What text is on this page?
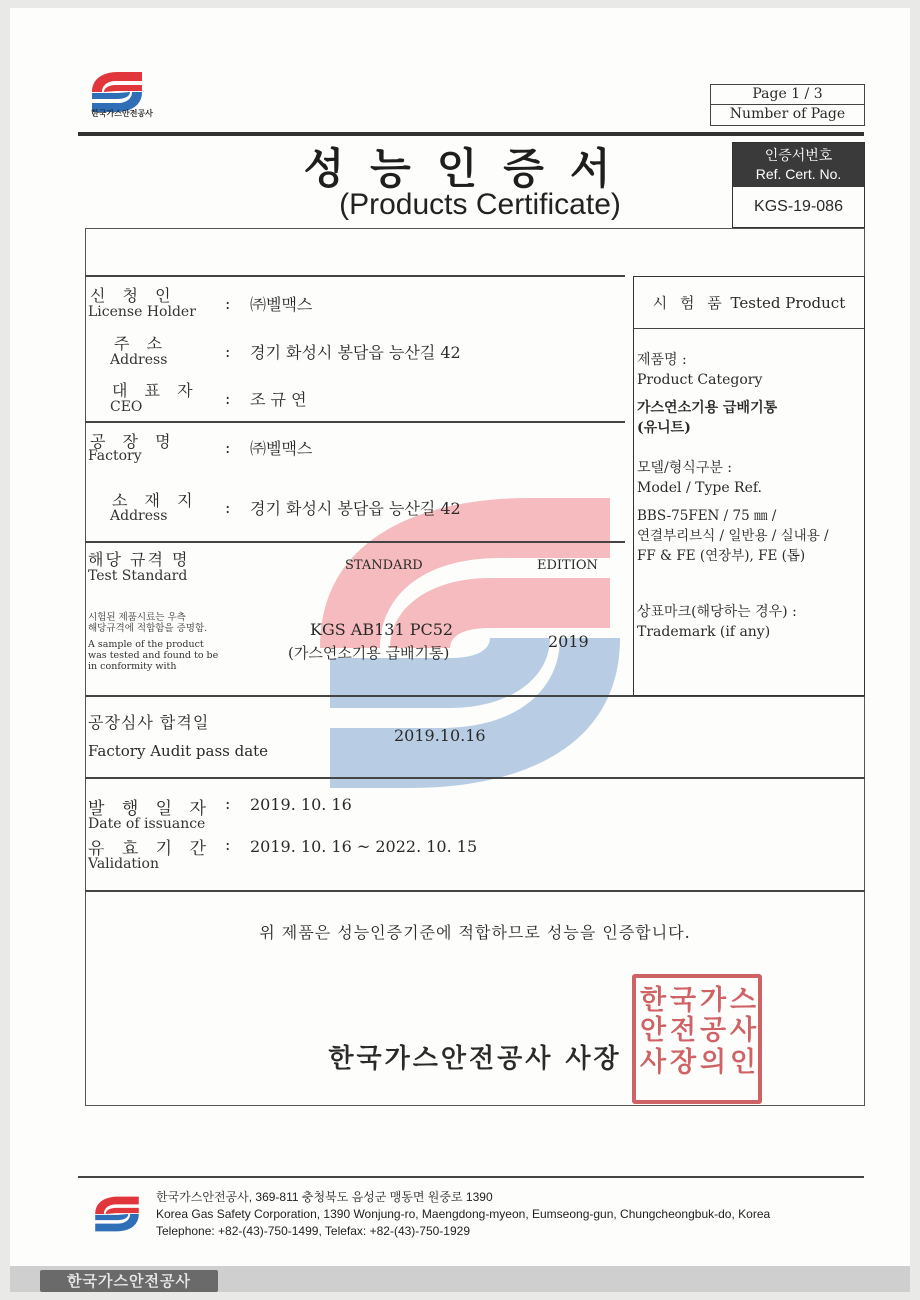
한국가스안전공사
Page 1 / 3
Number of Page
성능인증서
(Products Certificate)
인증서번호
Ref. Cert. No.
KGS-19-086
신 청 인
License Holder : ㈜벨맥스
주 소
Address	: 경기 화성시 봉담읍 능산길 42
대 표 자
CEO	: 조 규 연
공 장 명
Factory	: ㈜벨맥스
소 재 지
Address	: 경기 화성시 봉담읍 능산길 42
해당 규격 명
Test Standard
STANDARD	EDITION
시험된 제품시료는 우측
해당규격에 적합함을 증명함.
A sample of the product
was tested and found to be
in conformity with
KGS AB131 PC52
(가스연소기용 급배기통)
2019
시 험 품 Tested Product
제품명 :
Product Category
가스연소기용 급배기통
(유니트)
모델/형식구분 :
Model / Type Ref.
BBS-75FEN / 75 ㎜ /
연결부리브식 / 일반용 / 실내용 /
FF & FE (연장부), FE (톱)
상표마크(해당하는 경우) :
Trademark (if any)
공장심사 합격일
Factory Audit pass date
2019.10.16
발 행 일 자
Date of issuance
: 2019. 10. 16
유 효 기 간
Validation
: 2019. 10. 16 ~ 2022. 10. 15
위 제품은 성능인증기준에 적합하므로 성능을 인증합니다.
한국가스안전공사 사장
한 국 가 스
안 전 공 사
사 장 의 인
한국가스안전공사, 369-811 충청북도 음성군 맹동면 원중로 1390
Korea Gas Safety Corporation, 1390 Wonjung-ro, Maengdong-myeon, Eumseong-gun, Chungcheongbuk-do, Korea
Telephone: +82-(43)-750-1499, Telefax: +82-(43)-750-1929
한국가스안전공사
